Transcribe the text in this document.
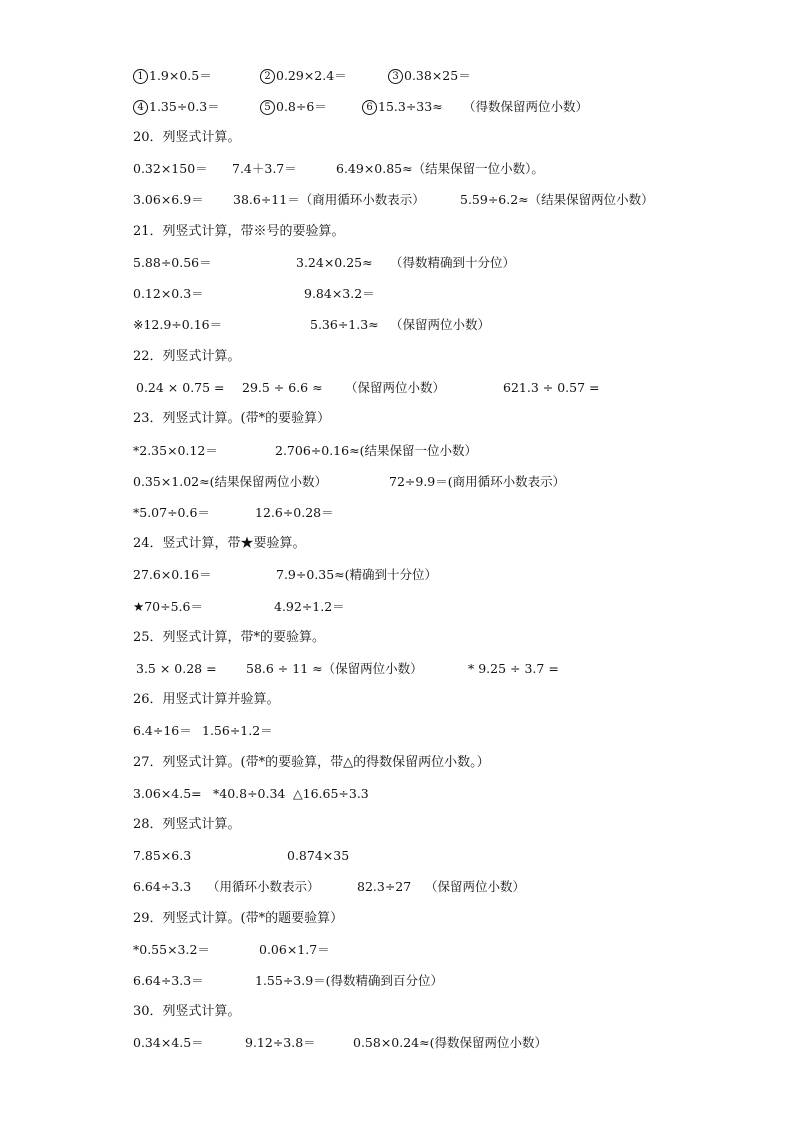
1 1.9×0.5＝	2 0.29×2.4＝	3 0.38×25＝
4 1.35÷0.3＝	5 0.8÷6＝	6 15.3÷33≈ （得数保留两位小数）
20．列竖式计算。
0.32×150＝ 7.4＋3.7＝	6.49×0.85≈（结果保留一位小数）。
3.06×6.9＝ 38.6÷11＝（商用循环小数表示）	5.59÷6.2≈（结果保留两位小数）
21．列竖式计算，带※号的要验算。
5.88÷0.56＝	3.24×0.25≈ （得数精确到十分位）
0.12×0.3＝	9.84×3.2＝
※12.9÷0.16＝	5.36÷1.3≈ （保留两位小数）
22．列竖式计算。
0.24 × 0.75 = 29.5 ÷ 6.6 ≈ （保留两位小数）	621.3 ÷ 0.57 =
23．列竖式计算。(带*的要验算）
*2.35×0.12＝	2.706÷0.16≈(结果保留一位小数）
0.35×1.02≈(结果保留两位小数）	72÷9.9＝(商用循环小数表示）
*5.07÷0.6＝	12.6÷0.28＝
24．竖式计算，带★要验算。
27.6×0.16＝	7.9÷0.35≈(精确到十分位）
★70÷5.6＝	4.92÷1.2＝
25．列竖式计算，带*的要验算。
3.5 × 0.28 = 58.6 ÷ 11 ≈（保留两位小数）	* 9.25 ÷ 3.7 =
26．用竖式计算并验算。
6.4÷16＝ 1.56÷1.2＝
27．列竖式计算。(带*的要验算，带△的得数保留两位小数。）
3.06×4.5= *40.8÷0.34 △16.65÷3.3
28．列竖式计算。
7.85×6.3	0.874×35
6.64÷3.3 （用循环小数表示）	82.3÷27 （保留两位小数）
29．列竖式计算。(带*的题要验算）
*0.55×3.2＝	0.06×1.7＝
6.64÷3.3＝	1.55÷3.9＝(得数精确到百分位）
30．列竖式计算。
0.34×4.5＝	9.12÷3.8＝	0.58×0.24≈(得数保留两位小数）
